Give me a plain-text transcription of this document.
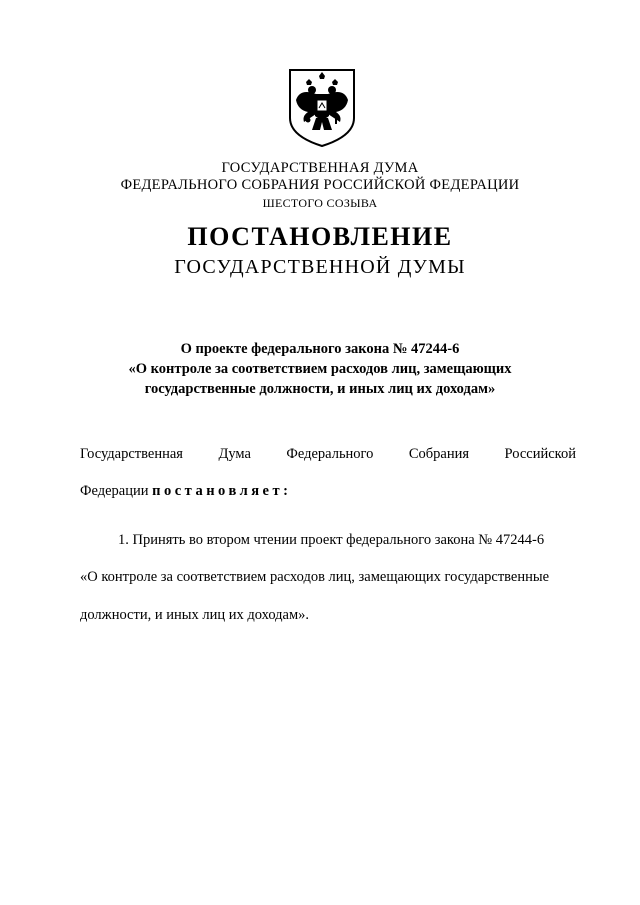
ГОСУДАРСТВЕННАЯ ДУМА
ФЕДЕРАЛЬНОГО СОБРАНИЯ РОССИЙСКОЙ ФЕДЕРАЦИИ
ШЕСТОГО СОЗЫВА
ПОСТАНОВЛЕНИЕ
ГОСУДАРСТВЕННОЙ ДУМЫ
О проекте федерального закона № 47244-6
«О контроле за соответствием расходов лиц, замещающих
государственные должности, и иных лиц их доходам»
Государственная Дума Федерального Собрания Российской
Федерации постановляет:
1. Принять во втором чтении проект федерального закона № 47244-6
«О контроле за соответствием расходов лиц, замещающих государственные
должности, и иных лиц их доходам».
